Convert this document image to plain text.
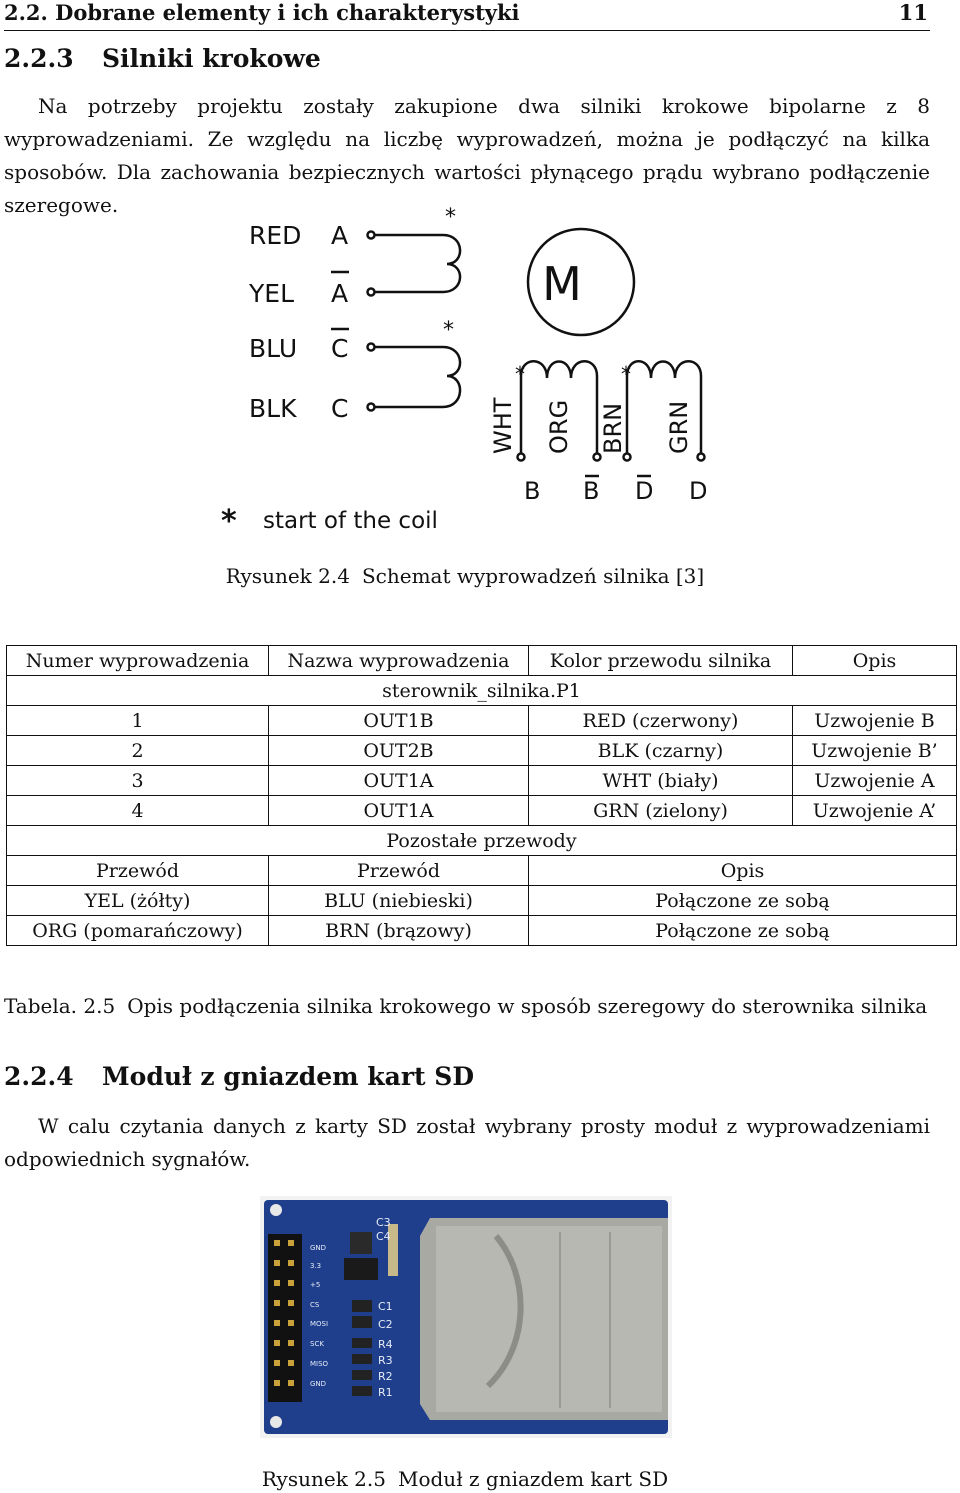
2.2. Dobrane elementy i ich charakterystyki	11
2.2.3 Silniki krokowe
Na potrzeby projektu zostały zakupione dwa silniki krokowe bipolarne z 8 wyprowadzeniami. Ze względu na liczbę wyprowadzeń, można je podłączyć na kilka sposobów. Dla zachowania bezpiecznych wartości płynącego prądu wybrano podłączenie szeregowe.
RED
YEL
BLU
BLK
A
A
C
C
M
*
*
*	*
WHT ORG BRN GRN
B B D D
* start of the coil
Rysunek 2.4 Schemat wyprowadzeń silnika [3]
Numer wyprowadzenia	Nazwa wyprowadzenia	Kolor przewodu silnika	Opis
sterownik_silnika.P1			
1	OUT1B	RED (czerwony)	Uzwojenie B
2	OUT2B	BLK (czarny)	Uzwojenie B’
3	OUT1A	WHT (biały)	Uzwojenie A
4	OUT1A	GRN (zielony)	Uzwojenie A’
Pozostałe przewody			
Przewód	Przewód	Opis	
YEL (żółty)	BLU (niebieski)	Połączone ze sobą	
ORG (pomarańczowy)	BRN (brązowy)	Połączone ze sobą	
Tabela. 2.5 Opis podłączenia silnika krokowego w sposób szeregowy do sterownika silnika
2.2.4 Moduł z gniazdem kart SD
W calu czytania danych z karty SD został wybrany prosty moduł z wyprowadzeniami odpowiednich sygnałów.
GND
3.3
+5
CS
MOSI
SCK
MISO
GND
C3
C4
C1
C2
R4
R3
R2
R1
Rysunek 2.5 Moduł z gniazdem kart SD
